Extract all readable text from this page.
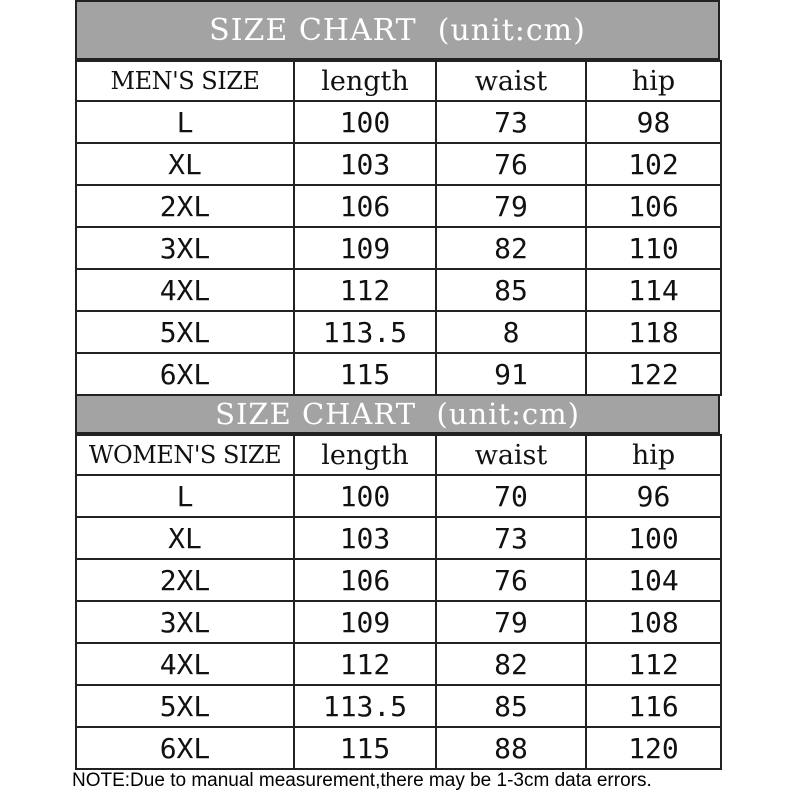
SIZE CHART  (unit:cm)
MEN'S SIZE	length	waist	hip
L	100	73	98
XL	103	76	102
2XL	106	79	106
3XL	109	82	110
4XL	112	85	114
5XL	113.5	8	118
6XL	115	91	122
SIZE CHART  (unit:cm)
WOMEN'S SIZE	length	waist	hip
L	100	70	96
XL	103	73	100
2XL	106	76	104
3XL	109	79	108
4XL	112	82	112
5XL	113.5	85	116
6XL	115	88	120
NOTE:Due to manual measurement,there may be 1-3cm data errors.
